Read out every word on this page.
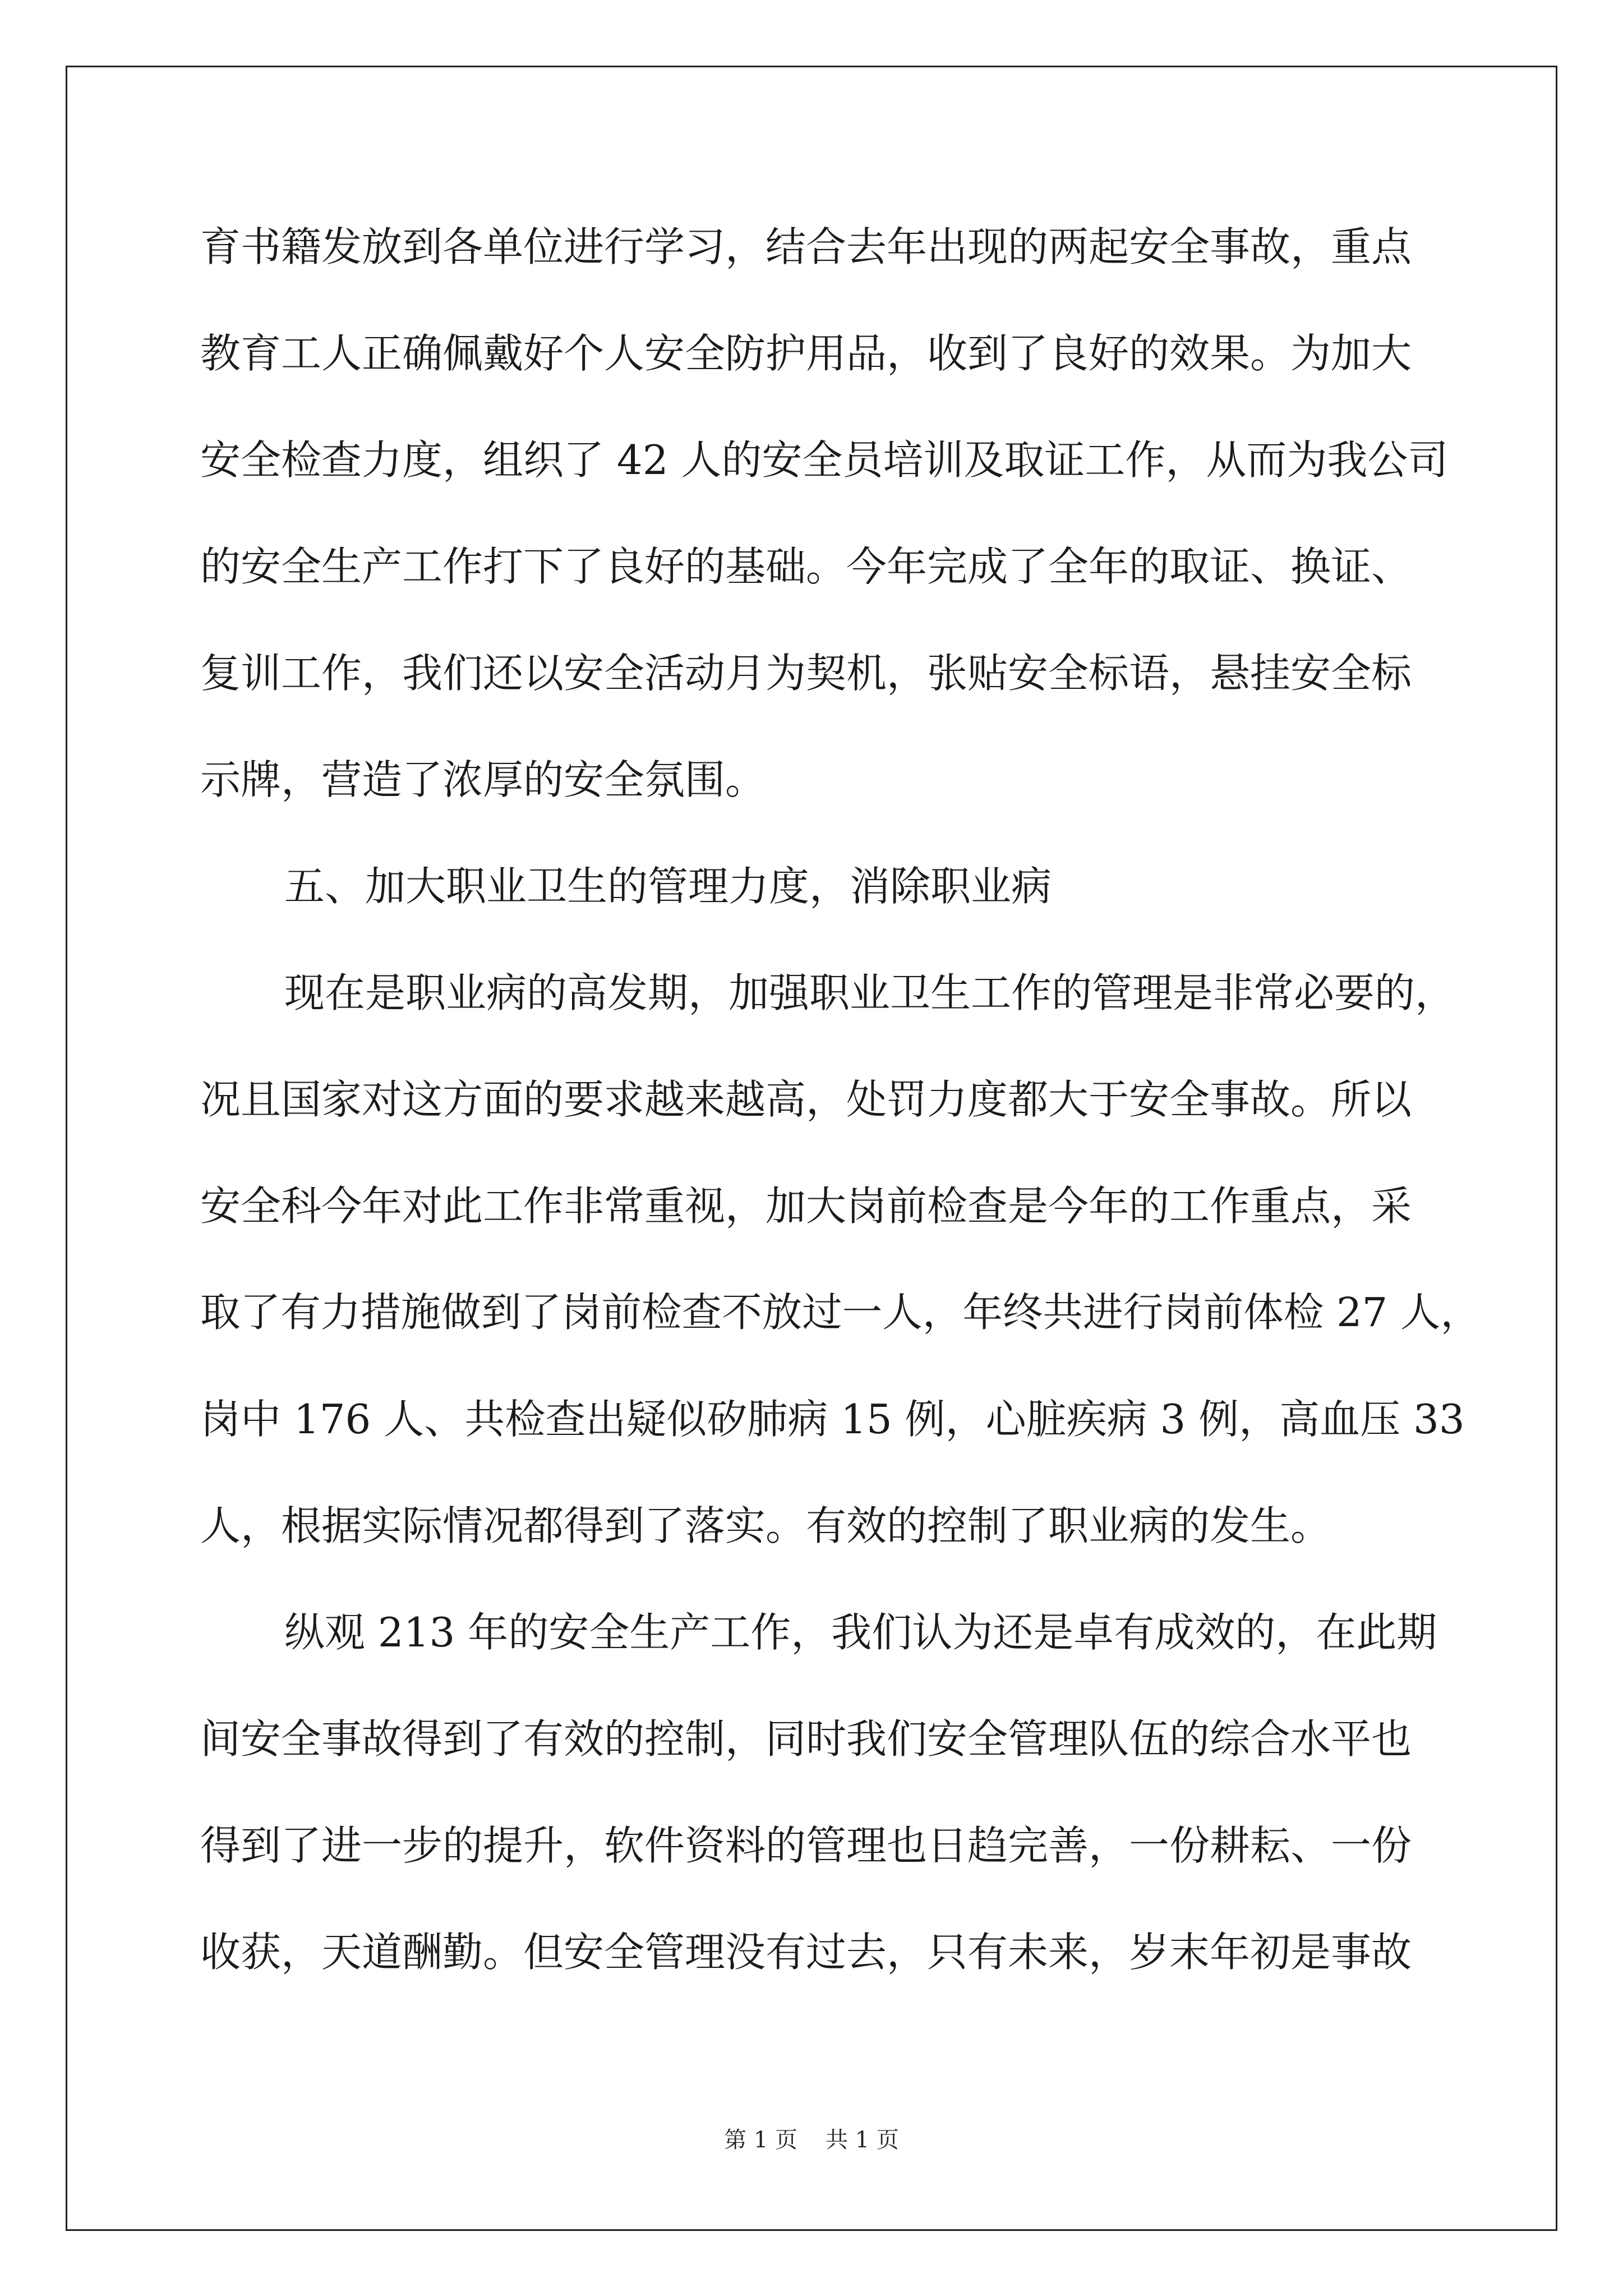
育书籍发放到各单位进行学习，结合去年出现的两起安全事故，重点
教育工人正确佩戴好个人安全防护用品，收到了良好的效果。为加大
安全检查力度，组织了 42 人的安全员培训及取证工作，从而为我公司
的安全生产工作打下了良好的基础。今年完成了全年的取证、换证、
复训工作，我们还以安全活动月为契机，张贴安全标语，悬挂安全标
示牌，营造了浓厚的安全氛围。
五、加大职业卫生的管理力度，消除职业病
现在是职业病的高发期，加强职业卫生工作的管理是非常必要的，
况且国家对这方面的要求越来越高，处罚力度都大于安全事故。所以
安全科今年对此工作非常重视，加大岗前检查是今年的工作重点，采
取了有力措施做到了岗前检查不放过一人，年终共进行岗前体检 27 人，
岗中 176 人、共检查出疑似矽肺病 15 例，心脏疾病 3 例，高血压 33
人，根据实际情况都得到了落实。有效的控制了职业病的发生。
纵观 213 年的安全生产工作，我们认为还是卓有成效的，在此期
间安全事故得到了有效的控制，同时我们安全管理队伍的综合水平也
得到了进一步的提升，软件资料的管理也日趋完善，一份耕耘、一份
收获，天道酬勤。但安全管理没有过去，只有未来，岁末年初是事故
第 1 页 共 1 页
